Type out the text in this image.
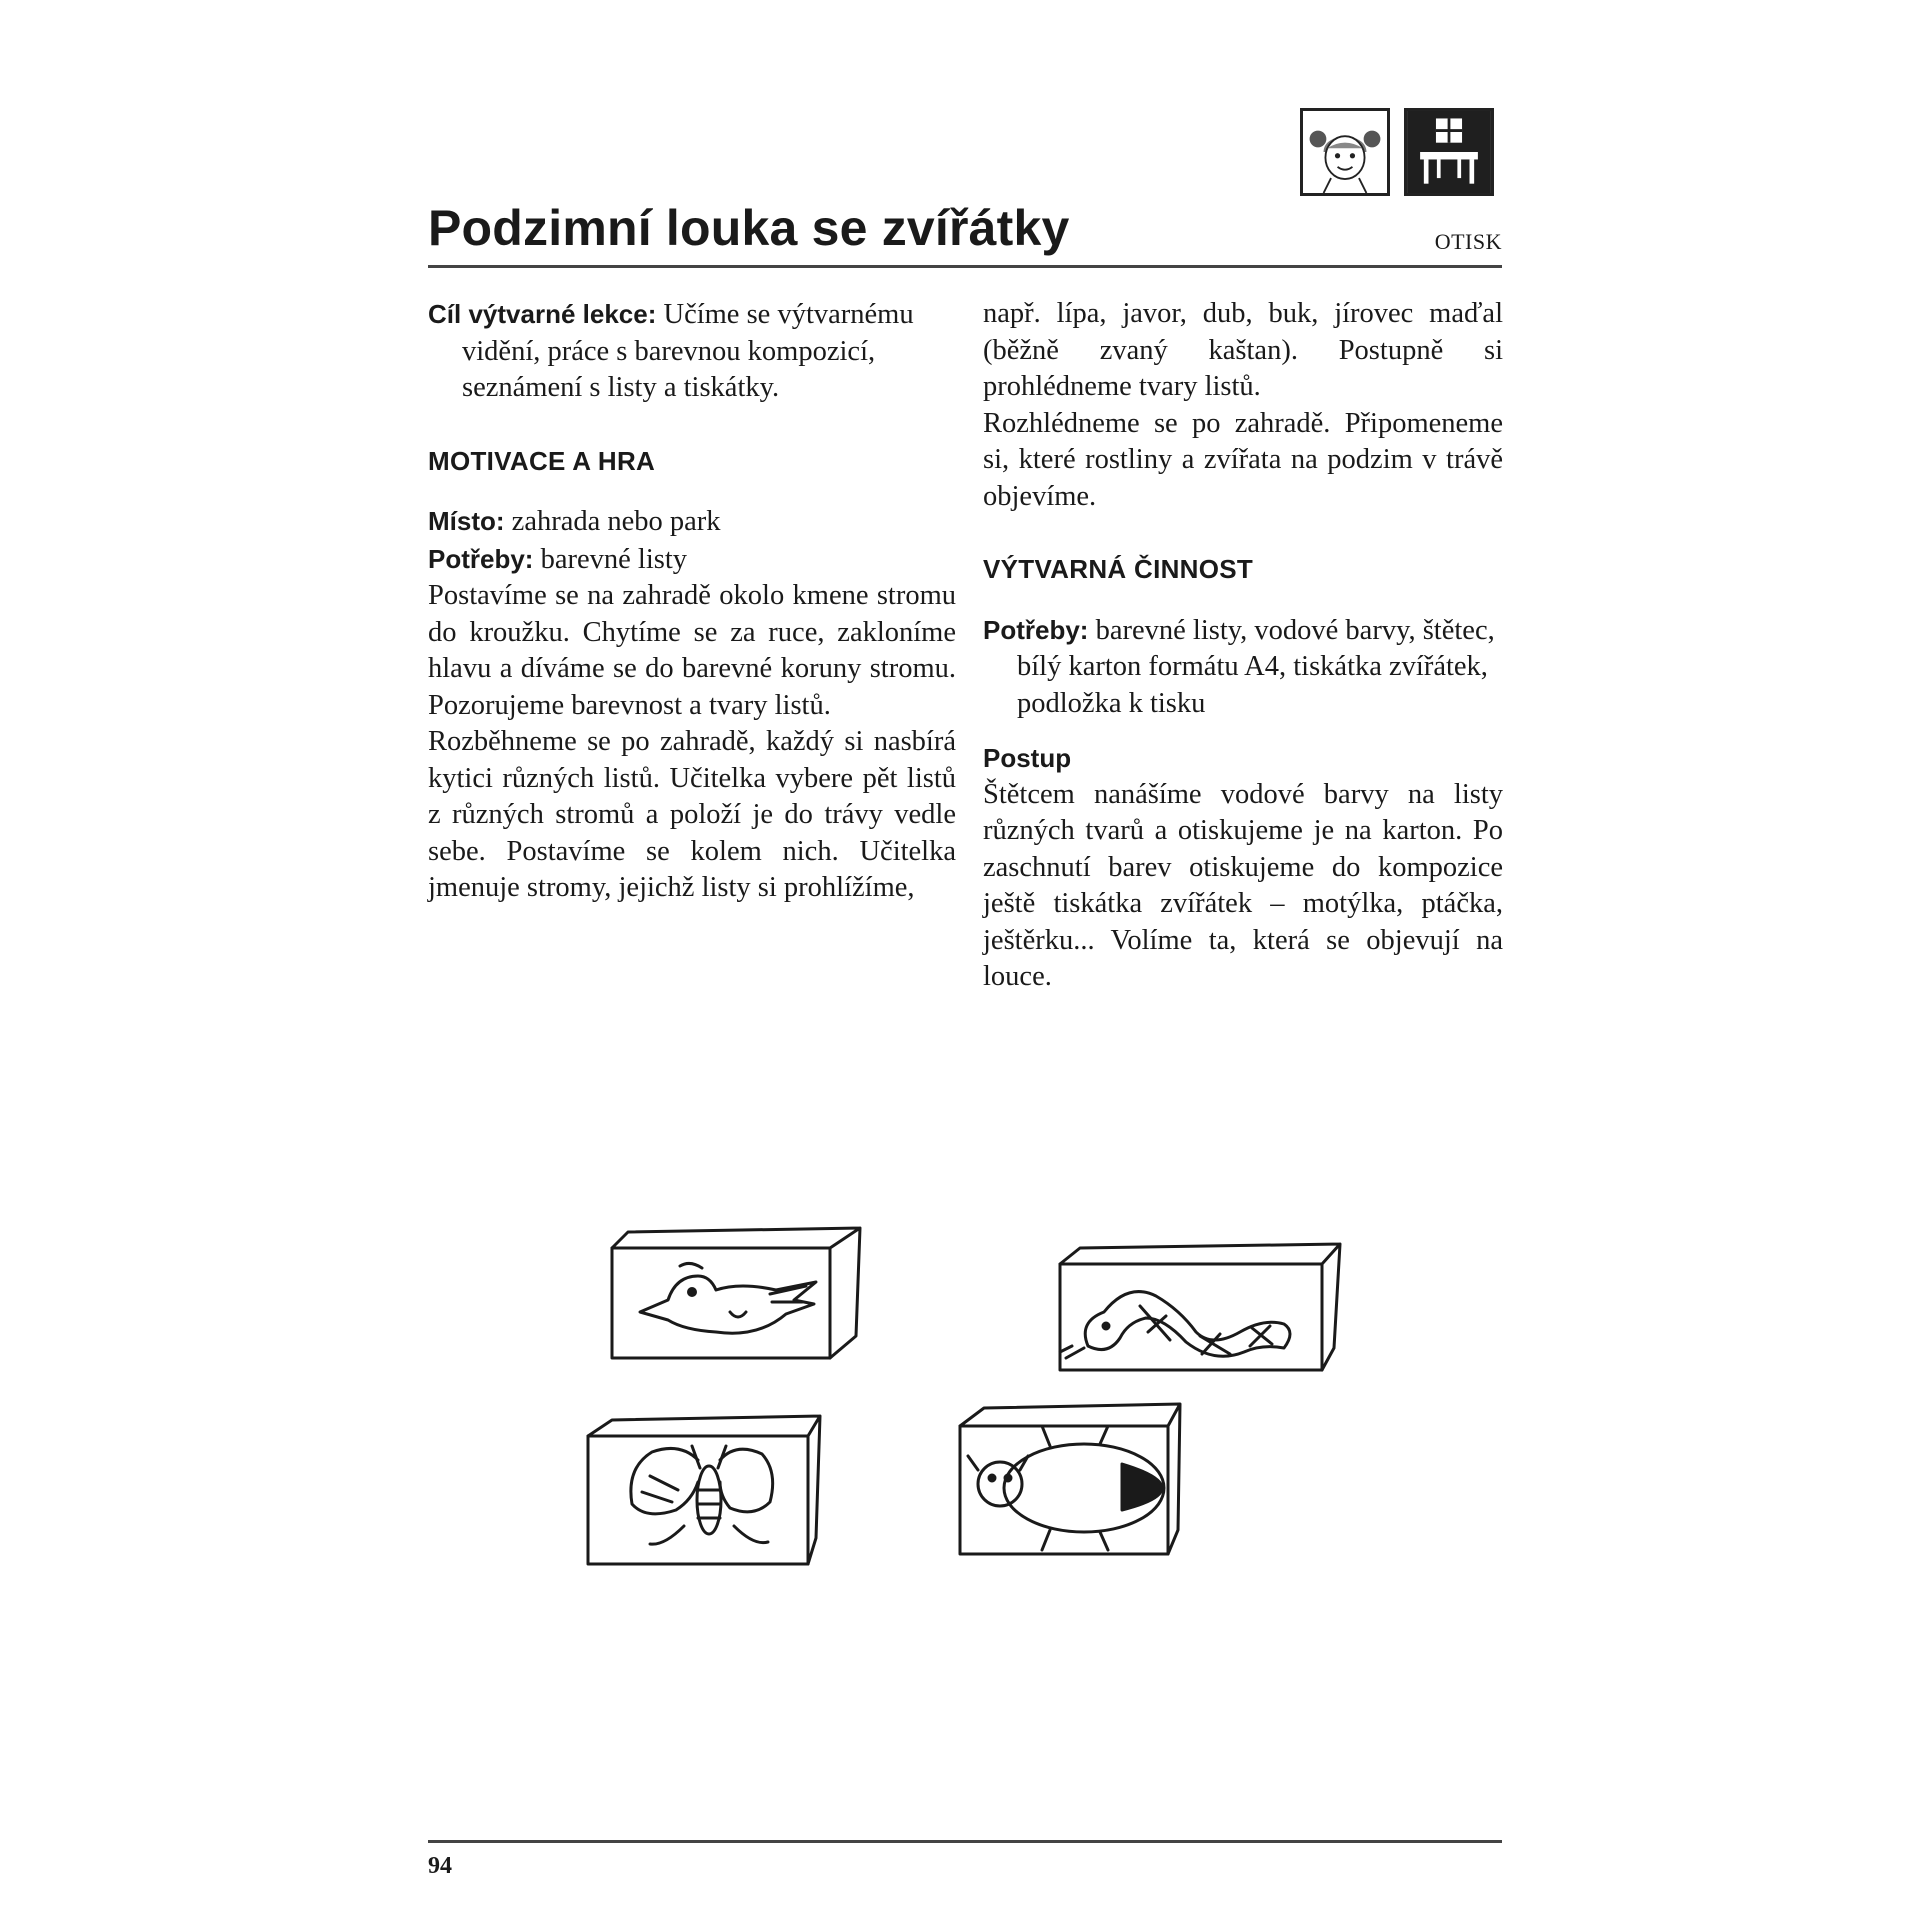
Podzimní louka se zvířátky	OTISK

Cíl výtvarné lekce: Učíme se výtvarnému vidění, práce s barevnou kompozicí, seznámení s listy a tiskátky.

MOTIVACE A HRA

Místo: zahrada nebo park

Potřeby: barevné listy

Postavíme se na zahradě okolo kmene stromu do kroužku. Chytíme se za ruce, zakloníme hlavu a díváme se do barevné koruny stromu. Pozorujeme barevnost a tvary listů.

Rozběhneme se po zahradě, každý si nasbírá kytici různých listů. Učitelka vybere pět listů z různých stromů a položí je do trávy vedle sebe. Postavíme se kolem nich. Učitelka jmenuje stromy, jejichž listy si prohlížíme,

např. lípa, javor, dub, buk, jírovec maďal (běžně zvaný kaštan). Postupně si prohlédneme tvary listů.

Rozhlédneme se po zahradě. Připomeneme si, které rostliny a zvířata na podzim v trávě objevíme.

VÝTVARNÁ ČINNOST

Potřeby: barevné listy, vodové barvy, štětec, bílý karton formátu A4, tiskátka zvířátek, podložka k tisku

Postup

Štětcem nanášíme vodové barvy na listy různých tvarů a otiskujeme je na karton. Po zaschnutí barev otiskujeme do kompozice ještě tiskátka zvířátek – motýlka, ptáčka, ještěrku... Volíme ta, která se objevují na louce.

94
